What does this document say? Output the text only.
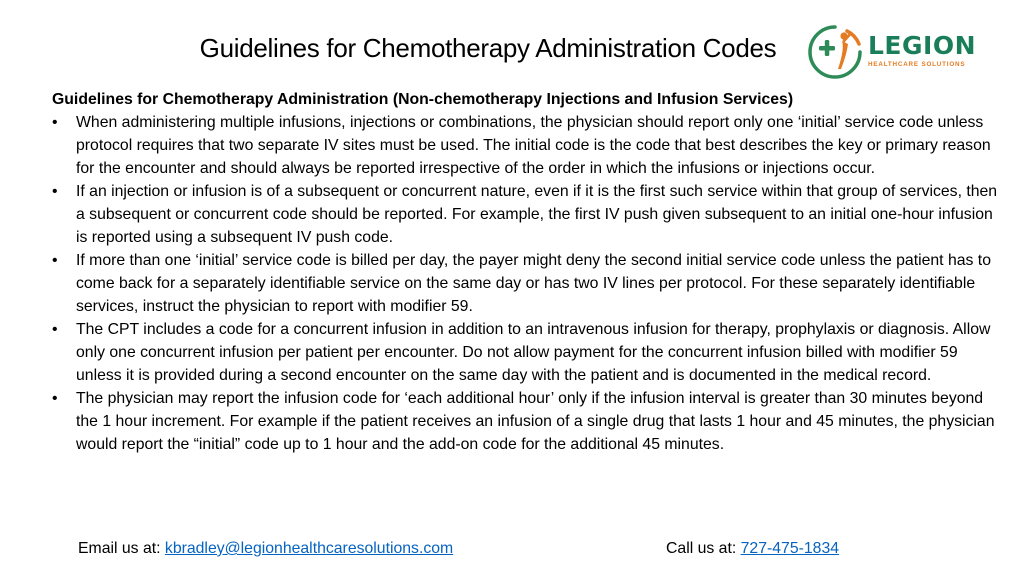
Guidelines for Chemotherapy Administration Codes	LEGION
HEALTHCARE SOLUTIONS
Guidelines for Chemotherapy Administration (Non-chemotherapy Injections and Infusion Services)
• When administering multiple infusions, injections or combinations, the physician should report only one ‘initial’ service code unless protocol requires that two separate IV sites must be used. The initial code is the code that best describes the key or primary reason for the encounter and should always be reported irrespective of the order in which the infusions or injections occur.
• If an injection or infusion is of a subsequent or concurrent nature, even if it is the first such service within that group of services, then a subsequent or concurrent code should be reported. For example, the first IV push given subsequent to an initial one-hour infusion is reported using a subsequent IV push code.
• If more than one ‘initial’ service code is billed per day, the payer might deny the second initial service code unless the patient has to come back for a separately identifiable service on the same day or has two IV lines per protocol. For these separately identifiable services, instruct the physician to report with modifier 59.
• The CPT includes a code for a concurrent infusion in addition to an intravenous infusion for therapy, prophylaxis or diagnosis. Allow only one concurrent infusion per patient per encounter. Do not allow payment for the concurrent infusion billed with modifier 59 unless it is provided during a second encounter on the same day with the patient and is documented in the medical record.
• The physician may report the infusion code for ‘each additional hour’ only if the infusion interval is greater than 30 minutes beyond the 1 hour increment. For example if the patient receives an infusion of a single drug that lasts 1 hour and 45 minutes, the physician would report the “initial” code up to 1 hour and the add-on code for the additional 45 minutes.
Email us at: kbradley@legionhealthcaresolutions.com	Call us at: 727-475-1834
